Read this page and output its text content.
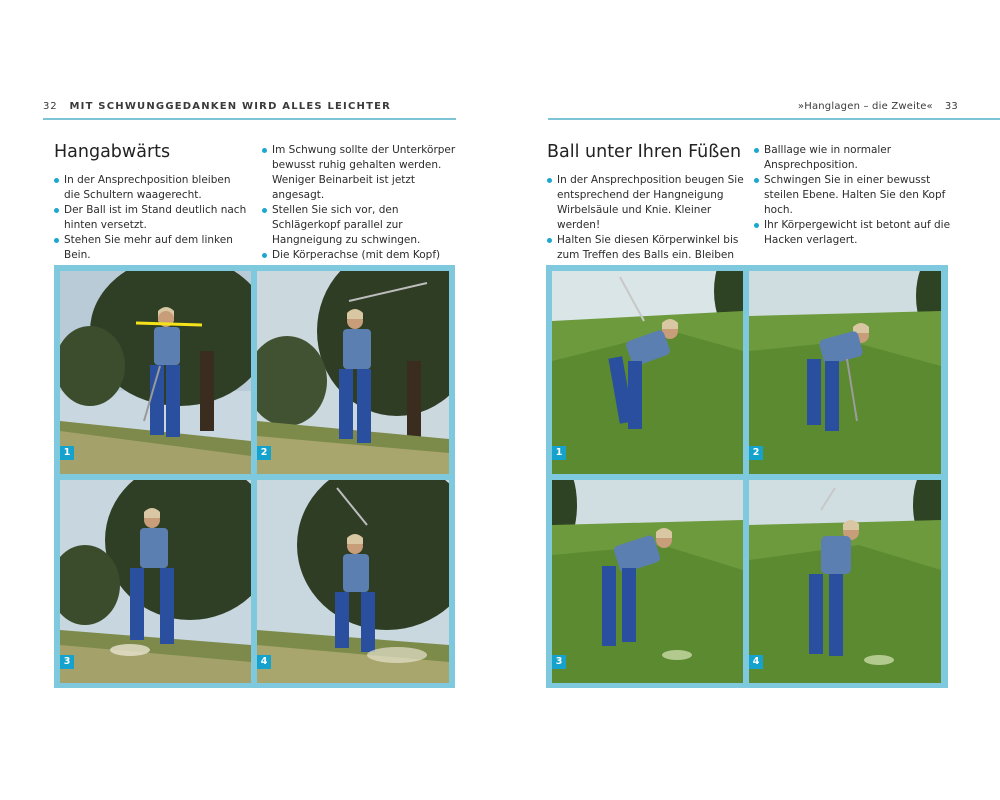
32 MIT SCHWUNGGEDANKEN WIRD ALLES LEICHTER
Hangabwärts

In der Ansprechposition bleiben die Schultern waagerecht.

Der Ball ist im Stand deutlich nach hinten versetzt.

Stehen Sie mehr auf dem linken Bein.

Im Schwung sollte der Unterkörper bewusst ruhig gehalten werden. Weniger Beinarbeit ist jetzt angesagt.

Stellen Sie sich vor, den Schlägerkopf parallel zur Hangneigung zu schwingen.

Die Körperachse (mit dem Kopf)

1	2
3	4
»Hanglagen – die Zweite« 33
Ball unter Ihren Füßen

In der Ansprechposition beugen Sie entsprechend der Hangneigung Wirbelsäule und Knie. Kleiner werden!

Halten Sie diesen Körperwinkel bis zum Treffen des Balls ein. Bleiben

Balllage wie in normaler Ansprechposition.

Schwingen Sie in einer bewusst steilen Ebene. Halten Sie den Kopf hoch.

Ihr Körpergewicht ist betont auf die Hacken verlagert.

1	2
3	4
